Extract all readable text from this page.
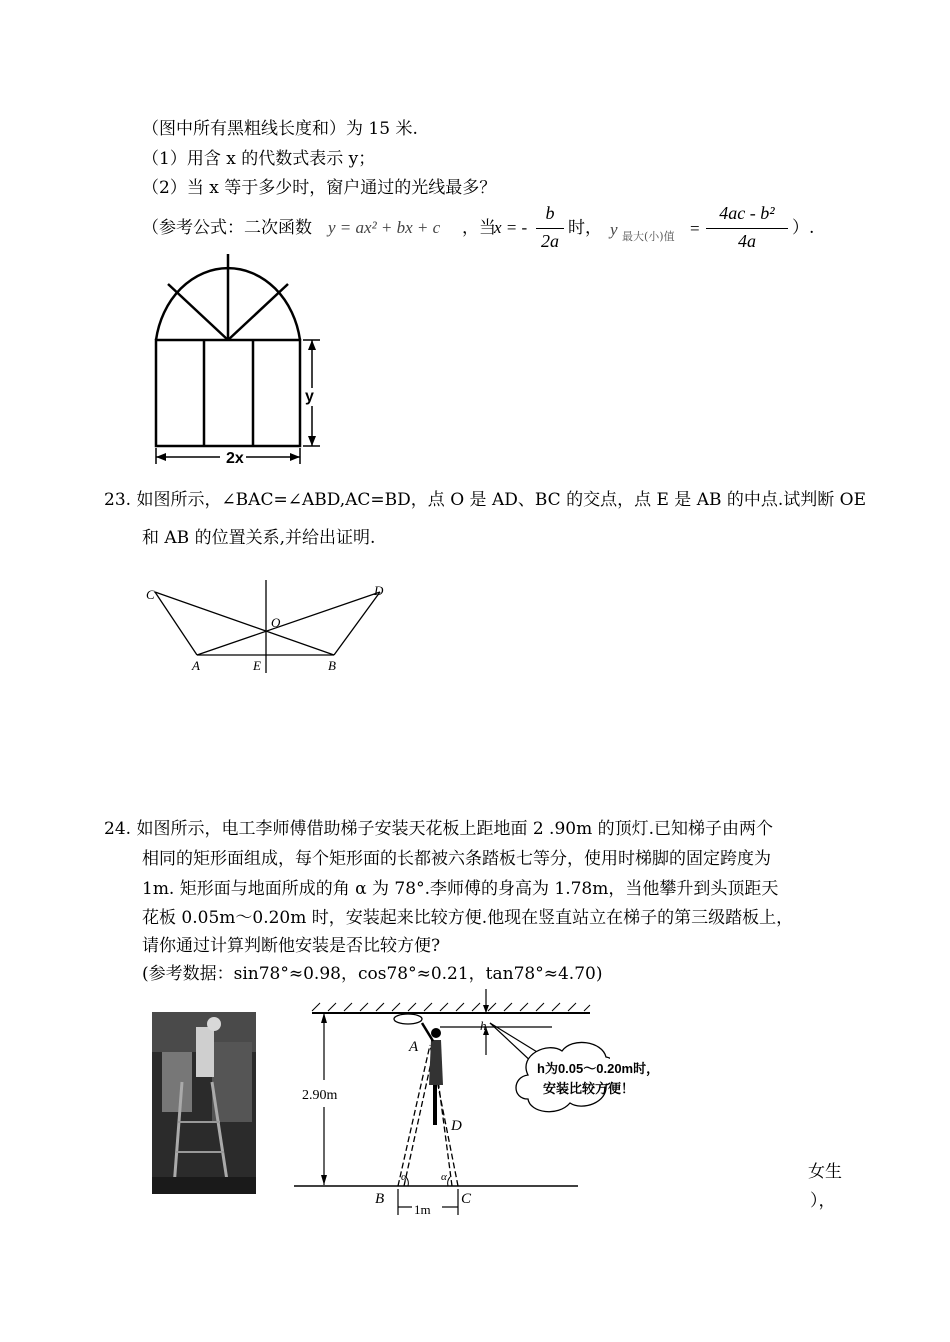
（图中所有黑粗线长度和）为 15 米.
（1）用含 x 的代数式表示 y；
（2）当 x 等于多少时，窗户通过的光线最多？
（参考公式：二次函数 y = ax² + bx + c ，当
x = -
b
2a
时， y 最大(小)值 =
4ac - b²
4a
）.
y
2x
23. 如图所示，∠BAC=∠ABD,AC=BD，点 O 是 AD、BC 的交点，点 E 是 AB 的中点.试判断 OE
和 AB 的位置关系,并给出证明.
C	D
O
A	E	B
24. 如图所示，电工李师傅借助梯子安装天花板上距地面 2 .90m 的顶灯.已知梯子由两个
相同的矩形面组成，每个矩形面的长都被六条踏板七等分，使用时梯脚的固定跨度为
1m. 矩形面与地面所成的角 α 为 78°.李师傅的身高为 1.78m，当他攀升到头顶距天
花板 0.05m～0.20m 时，安装起来比较方便.他现在竖直站立在梯子的第三级踏板上，
请你通过计算判断他安装是否比较方便?
(参考数据：sin78°≈0.98，cos78°≈0.21，tan78°≈4.70)
2.90m
h
A
D
B	C
α	α
1m
h为0.05～0.20m时，
安装比较方便！
女生
），
